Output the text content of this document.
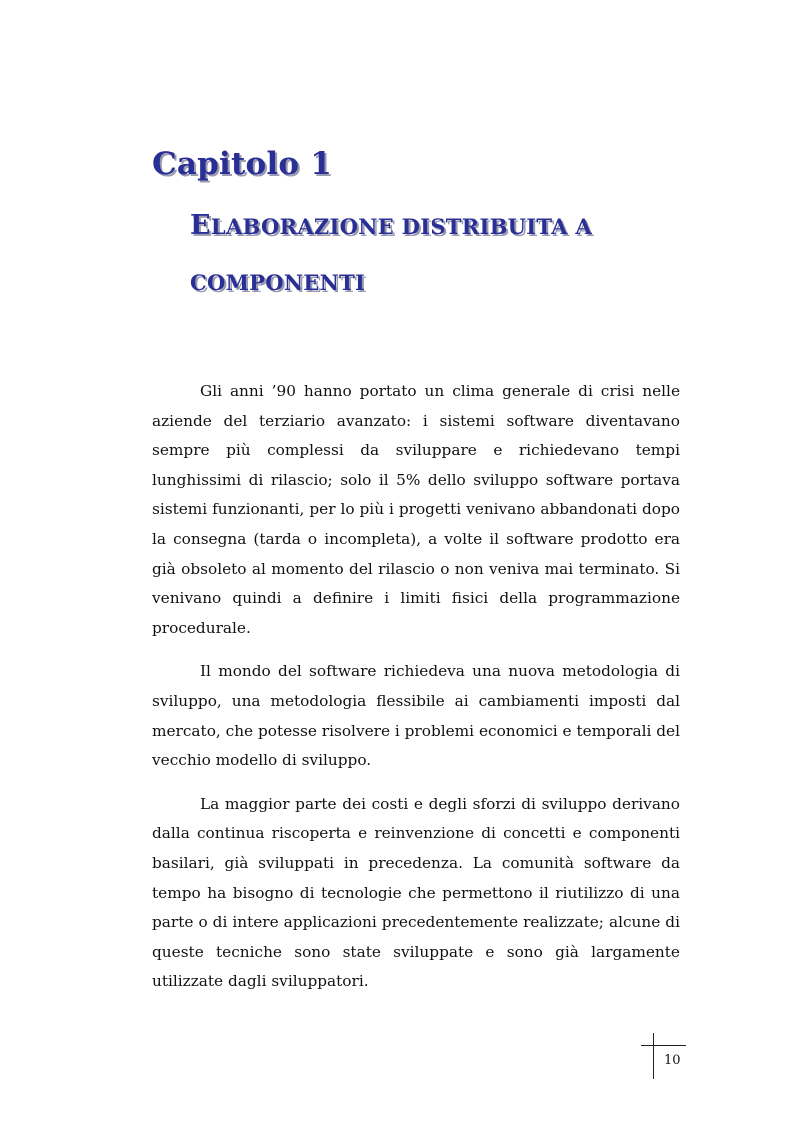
Capitolo 1
ELABORAZIONE DISTRIBUITA A
COMPONENTI

Gli anni ’90 hanno portato un clima generale di crisi nelle aziende del terziario avanzato: i sistemi software diventavano sempre più complessi da sviluppare e richiedevano tempi lunghissimi di rilascio; solo il 5% dello sviluppo software portava sistemi funzionanti, per lo più i progetti venivano abbandonati dopo la consegna (tarda o incompleta), a volte il software prodotto era già obsoleto al momento del rilascio o non veniva mai terminato. Si venivano quindi a definire i limiti fisici della programmazione procedurale.

Il mondo del software richiedeva una nuova metodologia di sviluppo, una metodologia flessibile ai cambiamenti imposti dal mercato, che potesse risolvere i problemi economici e temporali del vecchio modello di sviluppo.

La maggior parte dei costi e degli sforzi di sviluppo derivano dalla continua riscoperta e reinvenzione di concetti e componenti basilari, già sviluppati in precedenza. La comunità software da tempo ha bisogno di tecnologie che permettono il riutilizzo di una parte o di intere applicazioni precedentemente realizzate; alcune di queste tecniche sono state sviluppate e sono già largamente utilizzate dagli sviluppatori.

10
